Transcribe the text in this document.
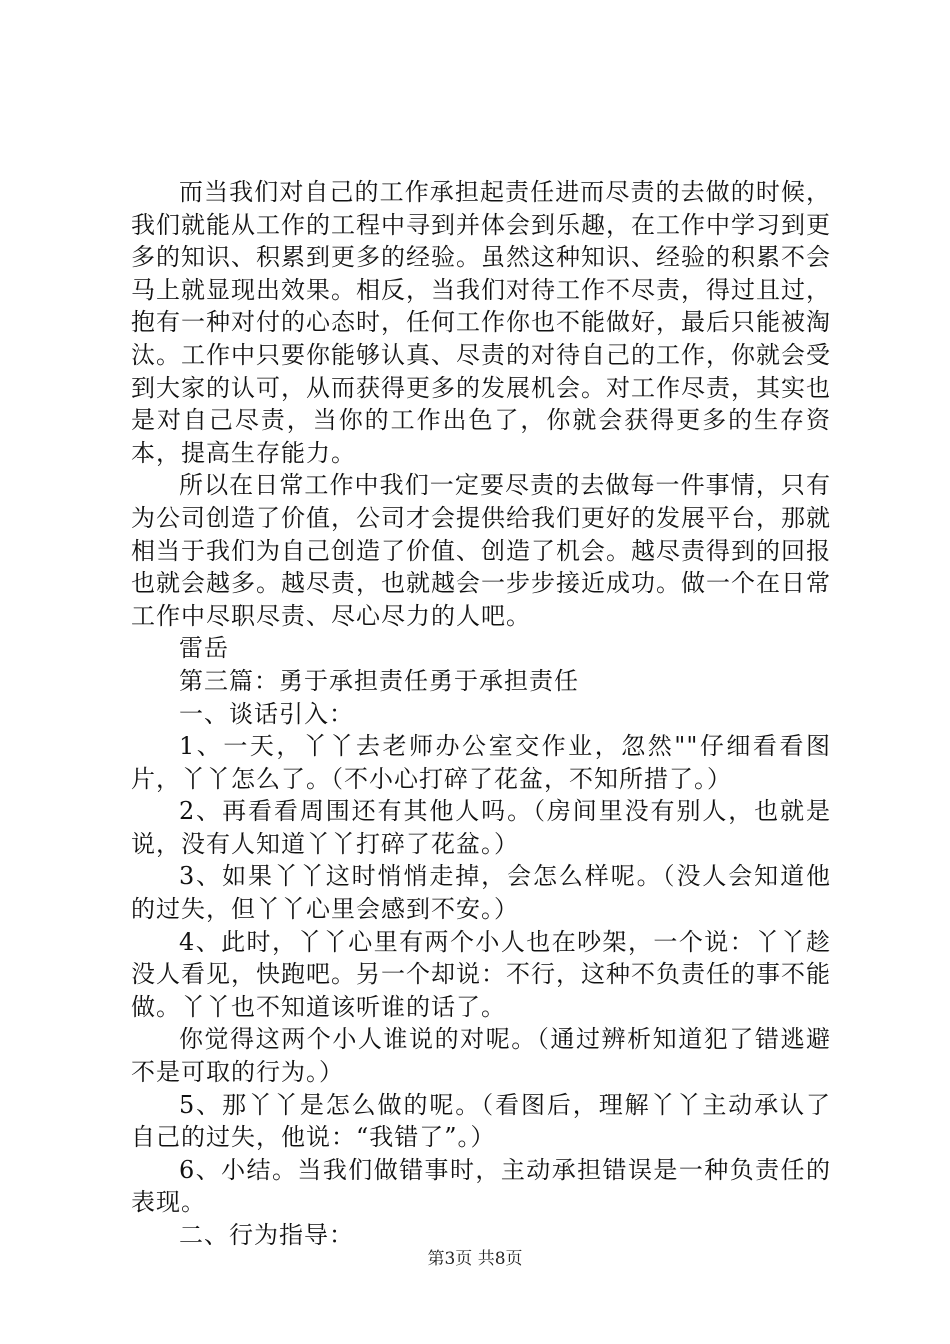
而当我们对自己的工作承担起责任进而尽责的去做的时候，我们就能从工作的工程中寻到并体会到乐趣，在工作中学习到更多的知识、积累到更多的经验。虽然这种知识、经验的积累不会马上就显现出效果。相反，当我们对待工作不尽责，得过且过，抱有一种对付的心态时，任何工作你也不能做好，最后只能被淘汰。工作中只要你能够认真、尽责的对待自己的工作，你就会受到大家的认可，从而获得更多的发展机会。对工作尽责，其实也是对自己尽责，当你的工作出色了，你就会获得更多的生存资本，提高生存能力。

所以在日常工作中我们一定要尽责的去做每一件事情，只有为公司创造了价值，公司才会提供给我们更好的发展平台，那就相当于我们为自己创造了价值、创造了机会。越尽责得到的回报也就会越多。越尽责，也就越会一步步接近成功。做一个在日常工作中尽职尽责、尽心尽力的人吧。

雷岳

第三篇：勇于承担责任勇于承担责任

一、谈话引入：

1、一天，丫丫去老师办公室交作业，忽然""仔细看看图片，丫丫怎么了。（不小心打碎了花盆，不知所措了。）

2、再看看周围还有其他人吗。（房间里没有别人，也就是说，没有人知道丫丫打碎了花盆。）

3、如果丫丫这时悄悄走掉，会怎么样呢。（没人会知道他的过失，但丫丫心里会感到不安。）

4、此时，丫丫心里有两个小人也在吵架，一个说：丫丫趁没人看见，快跑吧。另一个却说：不行，这种不负责任的事不能做。丫丫也不知道该听谁的话了。

你觉得这两个小人谁说的对呢。（通过辨析知道犯了错逃避不是可取的行为。）

5、那丫丫是怎么做的呢。（看图后，理解丫丫主动承认了自己的过失，他说：“我错了”。）

6、小结。当我们做错事时，主动承担错误是一种负责任的表现。

二、行为指导：

第3页 共8页
